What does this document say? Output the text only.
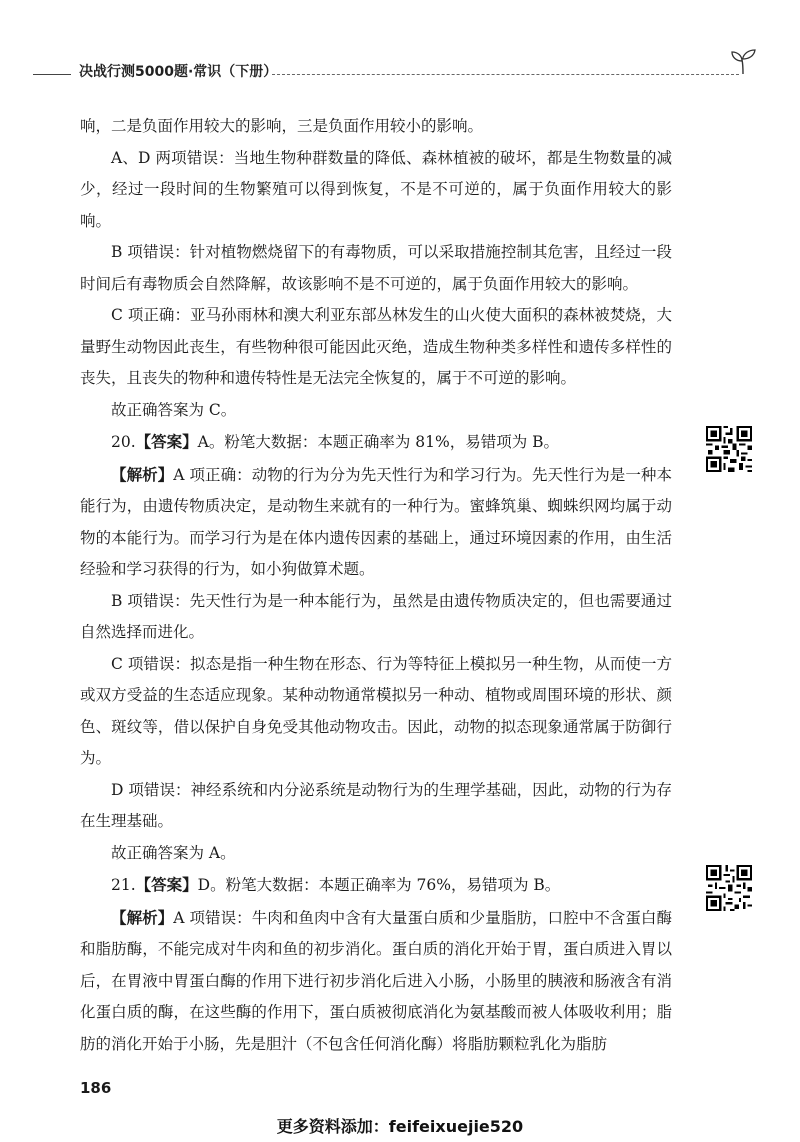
决战行测5000题·常识（下册）

响，二是负面作用较大的影响，三是负面作用较小的影响。

A、D 两项错误：当地生物种群数量的降低、森林植被的破坏，都是生物数量的减少，经过一段时间的生物繁殖可以得到恢复，不是不可逆的，属于负面作用较大的影响。

B 项错误：针对植物燃烧留下的有毒物质，可以采取措施控制其危害，且经过一段时间后有毒物质会自然降解，故该影响不是不可逆的，属于负面作用较大的影响。

C 项正确：亚马孙雨林和澳大利亚东部丛林发生的山火使大面积的森林被焚烧，大量野生动物因此丧生，有些物种很可能因此灭绝，造成生物种类多样性和遗传多样性的丧失，且丧失的物种和遗传特性是无法完全恢复的，属于不可逆的影响。

故正确答案为 C。

20.【答案】A。粉笔大数据：本题正确率为 81%，易错项为 B。

【解析】A 项正确：动物的行为分为先天性行为和学习行为。先天性行为是一种本能行为，由遗传物质决定，是动物生来就有的一种行为。蜜蜂筑巢、蜘蛛织网均属于动物的本能行为。而学习行为是在体内遗传因素的基础上，通过环境因素的作用，由生活经验和学习获得的行为，如小狗做算术题。

B 项错误：先天性行为是一种本能行为，虽然是由遗传物质决定的，但也需要通过自然选择而进化。

C 项错误：拟态是指一种生物在形态、行为等特征上模拟另一种生物，从而使一方或双方受益的生态适应现象。某种动物通常模拟另一种动、植物或周围环境的形状、颜色、斑纹等，借以保护自身免受其他动物攻击。因此，动物的拟态现象通常属于防御行为。

D 项错误：神经系统和内分泌系统是动物行为的生理学基础，因此，动物的行为存在生理基础。

故正确答案为 A。

21.【答案】D。粉笔大数据：本题正确率为 76%，易错项为 B。

【解析】A 项错误：牛肉和鱼肉中含有大量蛋白质和少量脂肪，口腔中不含蛋白酶和脂肪酶，不能完成对牛肉和鱼的初步消化。蛋白质的消化开始于胃，蛋白质进入胃以后，在胃液中胃蛋白酶的作用下进行初步消化后进入小肠，小肠里的胰液和肠液含有消化蛋白质的酶，在这些酶的作用下，蛋白质被彻底消化为氨基酸而被人体吸收利用；脂肪的消化开始于小肠，先是胆汁（不包含任何消化酶）将脂肪颗粒乳化为脂肪

186
更多资料添加：feifeixuejie520
